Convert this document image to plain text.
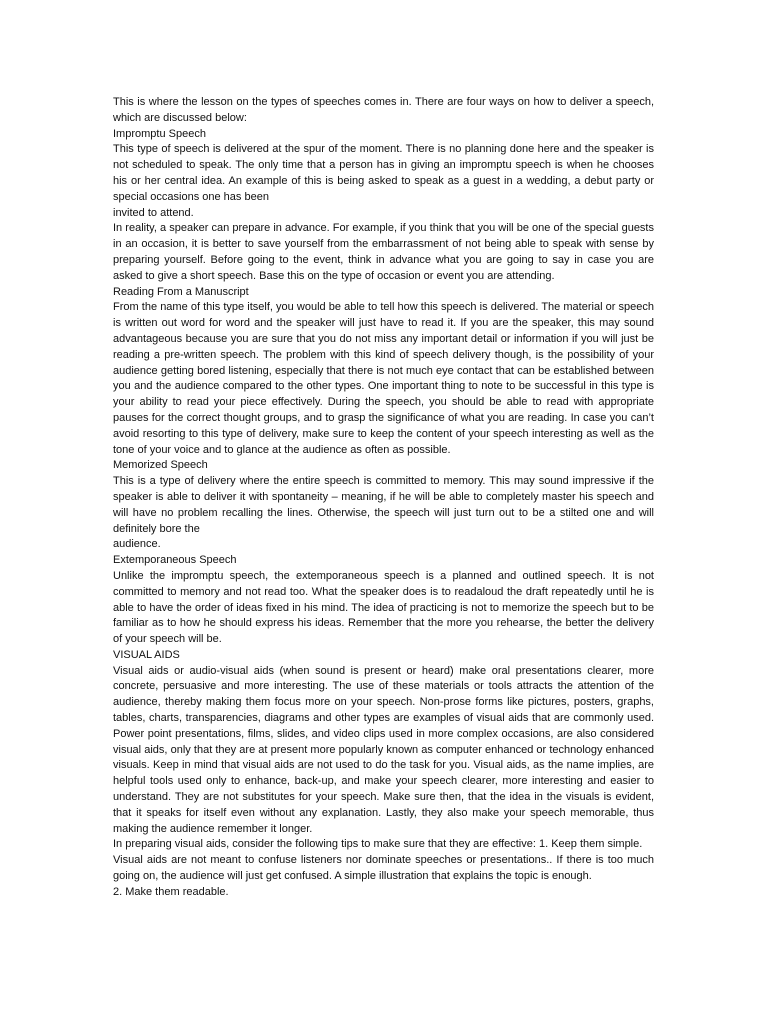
This is where the lesson on the types of speeches comes in. There are four ways on how to deliver a speech, which are discussed below:

Impromptu Speech

This type of speech is delivered at the spur of the moment. There is no planning done here and the speaker is not scheduled to speak. The only time that a person has in giving an impromptu speech is when he chooses his or her central idea. An example of this is being asked to speak as a guest in a wedding, a debut party or special occasions one has been

invited to attend.

In reality, a speaker can prepare in advance. For example, if you think that you will be one of the special guests in an occasion, it is better to save yourself from the embarrassment of not being able to speak with sense by preparing yourself. Before going to the event, think in advance what you are going to say in case you are asked to give a short speech. Base this on the type of occasion or event you are attending.

Reading From a Manuscript

From the name of this type itself, you would be able to tell how this speech is delivered. The material or speech is written out word for word and the speaker will just have to read it. If you are the speaker, this may sound advantageous because you are sure that you do not miss any important detail or information if you will just be reading a pre-written speech. The problem with this kind of speech delivery though, is the possibility of your audience getting bored listening, especially that there is not much eye contact that can be established between you and the audience compared to the other types. One important thing to note to be successful in this type is your ability to read your piece effectively. During the speech, you should be able to read with appropriate pauses for the correct thought groups, and to grasp the significance of what you are reading. In case you can’t avoid resorting to this type of delivery, make sure to keep the content of your speech interesting as well as the tone of your voice and to glance at the audience as often as possible.

Memorized Speech

This is a type of delivery where the entire speech is committed to memory. This may sound impressive if the speaker is able to deliver it with spontaneity – meaning, if he will be able to completely master his speech and will have no problem recalling the lines. Otherwise, the speech will just turn out to be a stilted one and will definitely bore the

audience.

Extemporaneous Speech

Unlike the impromptu speech, the extemporaneous speech is a planned and outlined speech. It is not committed to memory and not read too. What the speaker does is to readaloud the draft repeatedly until he is able to have the order of ideas fixed in his mind. The idea of practicing is not to memorize the speech but to be familiar as to how he should express his ideas. Remember that the more you rehearse, the better the delivery of your speech will be.

VISUAL AIDS

Visual aids or audio-visual aids (when sound is present or heard) make oral presentations clearer, more concrete, persuasive and more interesting. The use of these materials or tools attracts the attention of the audience, thereby making them focus more on your speech. Non-prose forms like pictures, posters, graphs, tables, charts, transparencies, diagrams and other types are examples of visual aids that are commonly used. Power point presentations, films, slides, and video clips used in more complex occasions, are also considered visual aids, only that they are at present more popularly known as computer enhanced or technology enhanced visuals. Keep in mind that visual aids are not used to do the task for you. Visual aids, as the name implies, are helpful tools used only to enhance, back-up, and make your speech clearer, more interesting and easier to understand. They are not substitutes for your speech. Make sure then, that the idea in the visuals is evident, that it speaks for itself even without any explanation. Lastly, they also make your speech memorable, thus making the audience remember it longer.

In preparing visual aids, consider the following tips to make sure that they are effective: 1. Keep them simple.

Visual aids are not meant to confuse listeners nor dominate speeches or presentations.. If there is too much going on, the audience will just get confused. A simple illustration that explains the topic is enough.

2. Make them readable.
